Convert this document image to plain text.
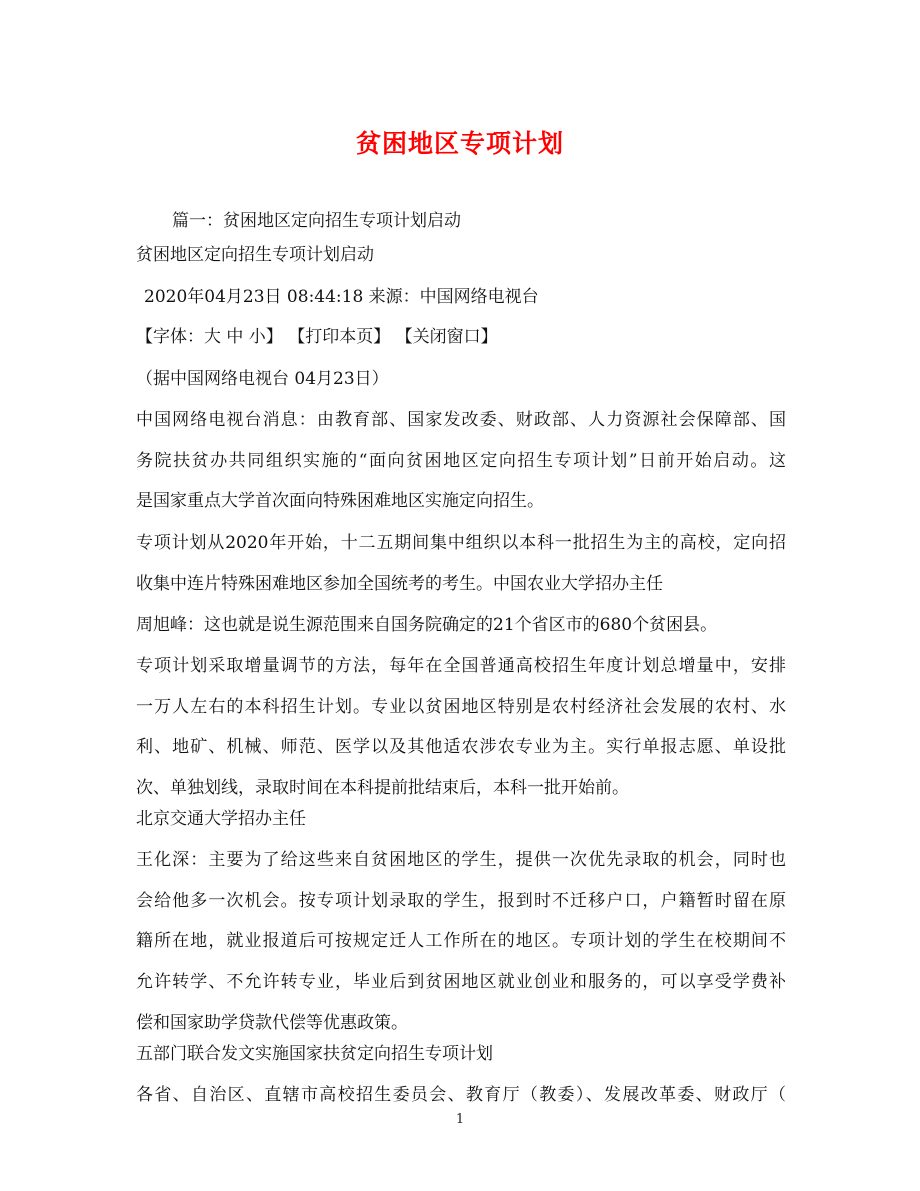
贫困地区专项计划
篇一：贫困地区定向招生专项计划启动
贫困地区定向招生专项计划启动
2020年04月23日 08:44:18 来源：中国网络电视台
【字体：大 中 小】 【打印本页】 【关闭窗口】
（据中国网络电视台 04月23日）
中国网络电视台消息：由教育部、国家发改委、财政部、人力资源社会保障部、国
务院扶贫办共同组织实施的“面向贫困地区定向招生专项计划”日前开始启动。这
是国家重点大学首次面向特殊困难地区实施定向招生。
专项计划从2020年开始，十二五期间集中组织以本科一批招生为主的高校，定向招
收集中连片特殊困难地区参加全国统考的考生。中国农业大学招办主任
周旭峰：这也就是说生源范围来自国务院确定的21个省区市的680个贫困县。
专项计划采取增量调节的方法，每年在全国普通高校招生年度计划总增量中，安排
一万人左右的本科招生计划。专业以贫困地区特别是农村经济社会发展的农村、水
利、地矿、机械、师范、医学以及其他适农涉农专业为主。实行单报志愿、单设批
次、单独划线，录取时间在本科提前批结束后，本科一批开始前。
北京交通大学招办主任
王化深：主要为了给这些来自贫困地区的学生，提供一次优先录取的机会，同时也
会给他多一次机会。按专项计划录取的学生，报到时不迁移户口，户籍暂时留在原
籍所在地，就业报道后可按规定迁人工作所在的地区。专项计划的学生在校期间不
允许转学、不允许转专业，毕业后到贫困地区就业创业和服务的，可以享受学费补
偿和国家助学贷款代偿等优惠政策。
五部门联合发文实施国家扶贫定向招生专项计划
各省、自治区、直辖市高校招生委员会、教育厅（教委）、发展改革委、财政厅（
1
